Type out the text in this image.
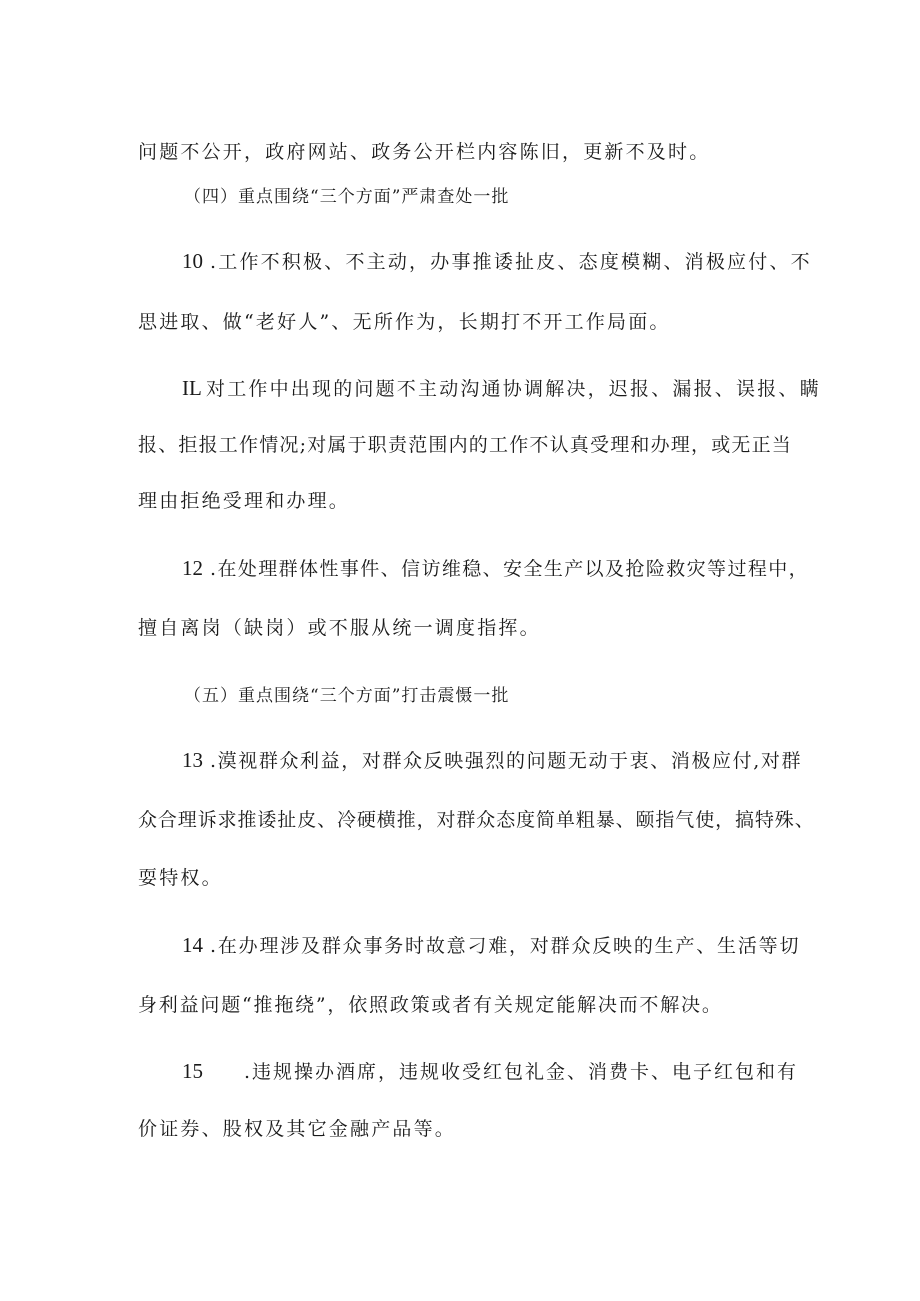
问题不公开，政府网站、政务公开栏内容陈旧，更新不及时。
（四）重点围绕“三个方面”严肃查处一批
10 .工作不积极、不主动，办事推诿扯皮、态度模糊、消极应付、不
思进取、做“老好人”、无所作为，长期打不开工作局面。
IL 对工作中出现的问题不主动沟通协调解决，迟报、漏报、误报、瞒
报、拒报工作情况;对属于职责范围内的工作不认真受理和办理，或无正当
理由拒绝受理和办理。
12 .在处理群体性事件、信访维稳、安全生产以及抢险救灾等过程中，
擅自离岗（缺岗）或不服从统一调度指挥。
（五）重点围绕“三个方面”打击震慑一批
13 .漠视群众利益，对群众反映强烈的问题无动于衷、消极应付,对群
众合理诉求推诿扯皮、冷硬横推，对群众态度简单粗暴、颐指气使，搞特殊、
耍特权。
14 .在办理涉及群众事务时故意刁难，对群众反映的生产、生活等切
身利益问题“推拖绕”，依照政策或者有关规定能解决而不解决。
15 .违规操办酒席，违规收受红包礼金、消费卡、电子红包和有
价证券、股权及其它金融产品等。
